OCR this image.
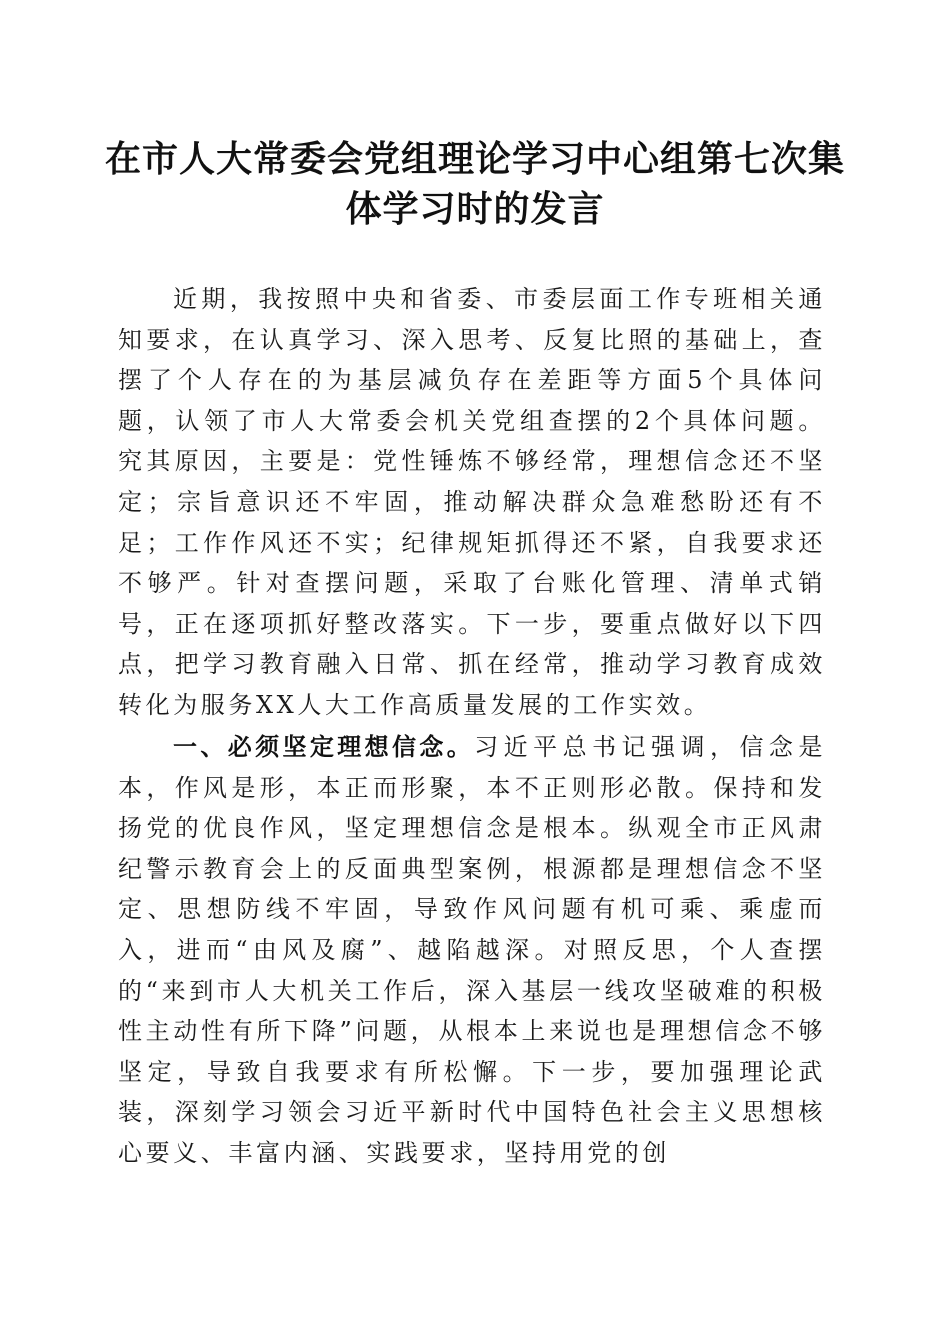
在市人大常委会党组理论学习中心组第七次集体学习时的发言

近期，我按照中央和省委、市委层面工作专班相关通知要求，在认真学习、深入思考、反复比照的基础上，查摆了个人存在的为基层减负存在差距等方面5个具体问题，认领了市人大常委会机关党组查摆的2个具体问题。究其原因，主要是：党性锤炼不够经常，理想信念还不坚定；宗旨意识还不牢固，推动解决群众急难愁盼还有不足；工作作风还不实；纪律规矩抓得还不紧，自我要求还不够严。针对查摆问题，采取了台账化管理、清单式销号，正在逐项抓好整改落实。下一步，要重点做好以下四点，把学习教育融入日常、抓在经常，推动学习教育成效转化为服务XX人大工作高质量发展的工作实效。

一、必须坚定理想信念。习近平总书记强调，信念是本，作风是形，本正而形聚，本不正则形必散。保持和发扬党的优良作风，坚定理想信念是根本。纵观全市正风肃纪警示教育会上的反面典型案例，根源都是理想信念不坚定、思想防线不牢固，导致作风问题有机可乘、乘虚而入，进而“由风及腐”、越陷越深。对照反思，个人查摆的“来到市人大机关工作后，深入基层一线攻坚破难的积极性主动性有所下降”问题，从根本上来说也是理想信念不够坚定，导致自我要求有所松懈。下一步，要加强理论武装，深刻学习领会习近平新时代中国特色社会主义思想核心要义、丰富内涵、实践要求，坚持用党的创
